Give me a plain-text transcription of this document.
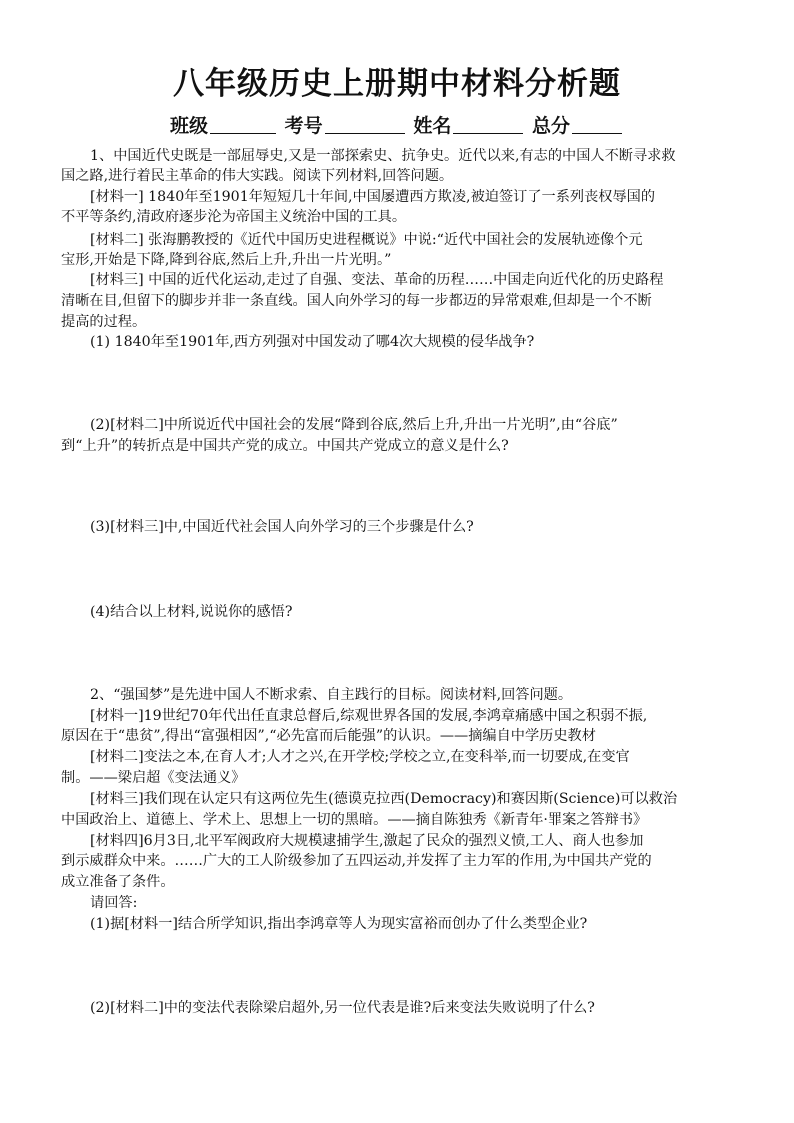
八年级历史上册期中材料分析题
班级	考号	姓名	总分
1、中国近代史既是一部屈辱史,又是一部探索史、抗争史。近代以来,有志的中国人不断寻求救
国之路,进行着民主革命的伟大实践。阅读下列材料,回答问题。
[材料一] 1840年至1901年短短几十年间,中国屡遭西方欺凌,被迫签订了一系列丧权辱国的
不平等条约,清政府逐步沦为帝国主义统治中国的工具。
[材料二] 张海鹏教授的《近代中国历史进程概说》中说:“近代中国社会的发展轨迹像个元
宝形,开始是下降,降到谷底,然后上升,升出一片光明。”
[材料三] 中国的近代化运动,走过了自强、变法、革命的历程……中国走向近代化的历史路程
清晰在目,但留下的脚步并非一条直线。国人向外学习的每一步都迈的异常艰难,但却是一个不断
提高的过程。
(1) 1840年至1901年,西方列强对中国发动了哪4次大规模的侵华战争?
(2)[材料二]中所说近代中国社会的发展“降到谷底,然后上升,升出一片光明”,由“谷底”
到“上升”的转折点是中国共产党的成立。中国共产党成立的意义是什么?
(3)[材料三]中,中国近代社会国人向外学习的三个步骤是什么?
(4)结合以上材料,说说你的感悟?
2、“强国梦”是先进中国人不断求索、自主践行的目标。阅读材料,回答问题。
[材料一]19世纪70年代出任直隶总督后,综观世界各国的发展,李鸿章痛感中国之积弱不振,
原因在于“患贫”,得出“富强相因”,“必先富而后能强”的认识。——摘编自中学历史教材
[材料二]变法之本,在育人才;人才之兴,在开学校;学校之立,在变科举,而一切要成,在变官
制。——梁启超《变法通义》
[材料三]我们现在认定只有这两位先生(德谟克拉西(Democracy)和赛因斯(Science)可以救治
中国政治上、道德上、学术上、思想上一切的黑暗。——摘自陈独秀《新青年·罪案之答辩书》
[材料四]6月3日,北平军阀政府大规模逮捕学生,激起了民众的强烈义愤,工人、商人也参加
到示威群众中来。……广大的工人阶级参加了五四运动,并发挥了主力军的作用,为中国共产党的
成立准备了条件。
请回答:
(1)据[材料一]结合所学知识,指出李鸿章等人为现实富裕而创办了什么类型企业?
(2)[材料二]中的变法代表除梁启超外,另一位代表是谁?后来变法失败说明了什么?
